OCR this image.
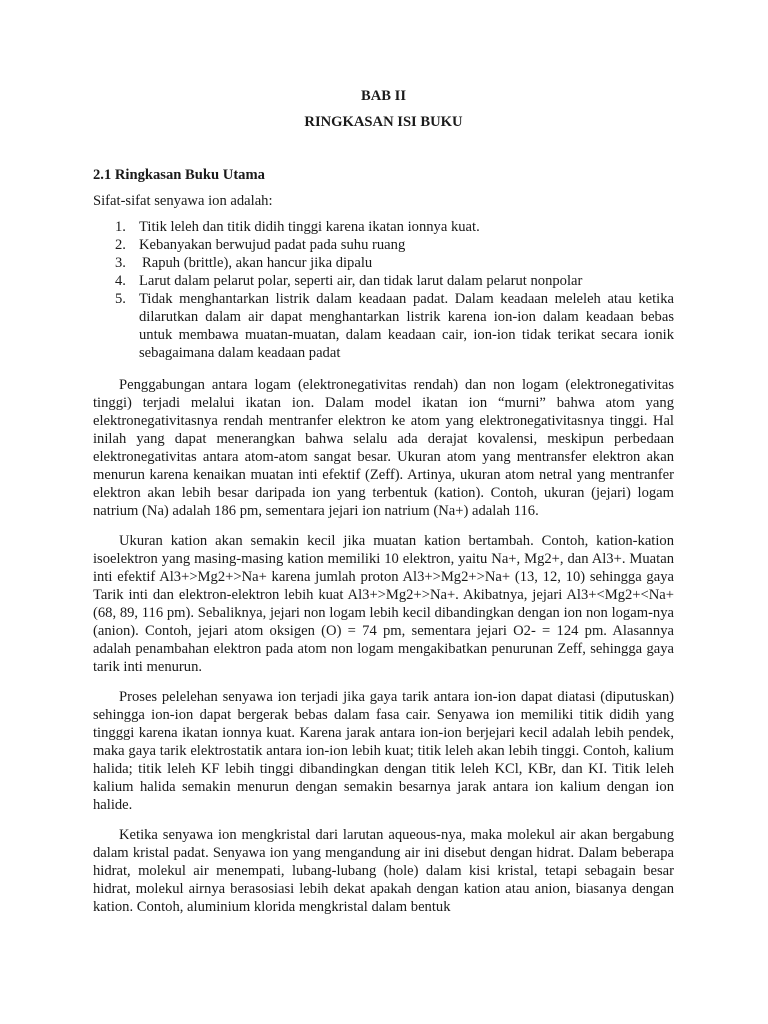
BAB II
RINGKASAN ISI BUKU
2.1 Ringkasan Buku Utama
Sifat-sifat senyawa ion adalah:
1. Titik leleh dan titik didih tinggi karena ikatan ionnya kuat.
2. Kebanyakan berwujud padat pada suhu ruang
3. Rapuh (brittle), akan hancur jika dipalu
4. Larut dalam pelarut polar, seperti air, dan tidak larut dalam pelarut nonpolar
5. Tidak menghantarkan listrik dalam keadaan padat. Dalam keadaan meleleh atau ketika dilarutkan dalam air dapat menghantarkan listrik karena ion-ion dalam keadaan bebas untuk membawa muatan-muatan, dalam keadaan cair, ion-ion tidak terikat secara ionik sebagaimana dalam keadaan padat

Penggabungan antara logam (elektronegativitas rendah) dan non logam (elektronegativitas tinggi) terjadi melalui ikatan ion. Dalam model ikatan ion “murni” bahwa atom yang elektronegativitasnya rendah mentranfer elektron ke atom yang elektronegativitasnya tinggi. Hal inilah yang dapat menerangkan bahwa selalu ada derajat kovalensi, meskipun perbedaan elektronegativitas antara atom-atom sangat besar. Ukuran atom yang mentransfer elektron akan menurun karena kenaikan muatan inti efektif (Zeff). Artinya, ukuran atom netral yang mentranfer elektron akan lebih besar daripada ion yang terbentuk (kation). Contoh, ukuran (jejari) logam natrium (Na) adalah 186 pm, sementara jejari ion natrium (Na+) adalah 116.

Ukuran kation akan semakin kecil jika muatan kation bertambah. Contoh, kation-kation isoelektron yang masing-masing kation memiliki 10 elektron, yaitu Na+, Mg2+, dan Al3+. Muatan inti efektif Al3+>Mg2+>Na+ karena jumlah proton Al3+>Mg2+>Na+ (13, 12, 10) sehingga gaya Tarik inti dan elektron-elektron lebih kuat Al3+>Mg2+>Na+. Akibatnya, jejari Al3+<Mg2+<Na+ (68, 89, 116 pm). Sebaliknya, jejari non logam lebih kecil dibandingkan dengan ion non logam-nya (anion). Contoh, jejari atom oksigen (O) = 74 pm, sementara jejari O2- = 124 pm. Alasannya adalah penambahan elektron pada atom non logam mengakibatkan penurunan Zeff, sehingga gaya tarik inti menurun.

Proses pelelehan senyawa ion terjadi jika gaya tarik antara ion-ion dapat diatasi (diputuskan) sehingga ion-ion dapat bergerak bebas dalam fasa cair. Senyawa ion memiliki titik didih yang tingggi karena ikatan ionnya kuat. Karena jarak antara ion-ion berjejari kecil adalah lebih pendek, maka gaya tarik elektrostatik antara ion-ion lebih kuat; titik leleh akan lebih tinggi. Contoh, kalium halida; titik leleh KF lebih tinggi dibandingkan dengan titik leleh KCl, KBr, dan KI. Titik leleh kalium halida semakin menurun dengan semakin besarnya jarak antara ion kalium dengan ion halide.

Ketika senyawa ion mengkristal dari larutan aqueous-nya, maka molekul air akan bergabung dalam kristal padat. Senyawa ion yang mengandung air ini disebut dengan hidrat. Dalam beberapa hidrat, molekul air menempati, lubang-lubang (hole) dalam kisi kristal, tetapi sebagain besar hidrat, molekul airnya berasosiasi lebih dekat apakah dengan kation atau anion, biasanya dengan kation. Contoh, aluminium klorida mengkristal dalam bentuk
